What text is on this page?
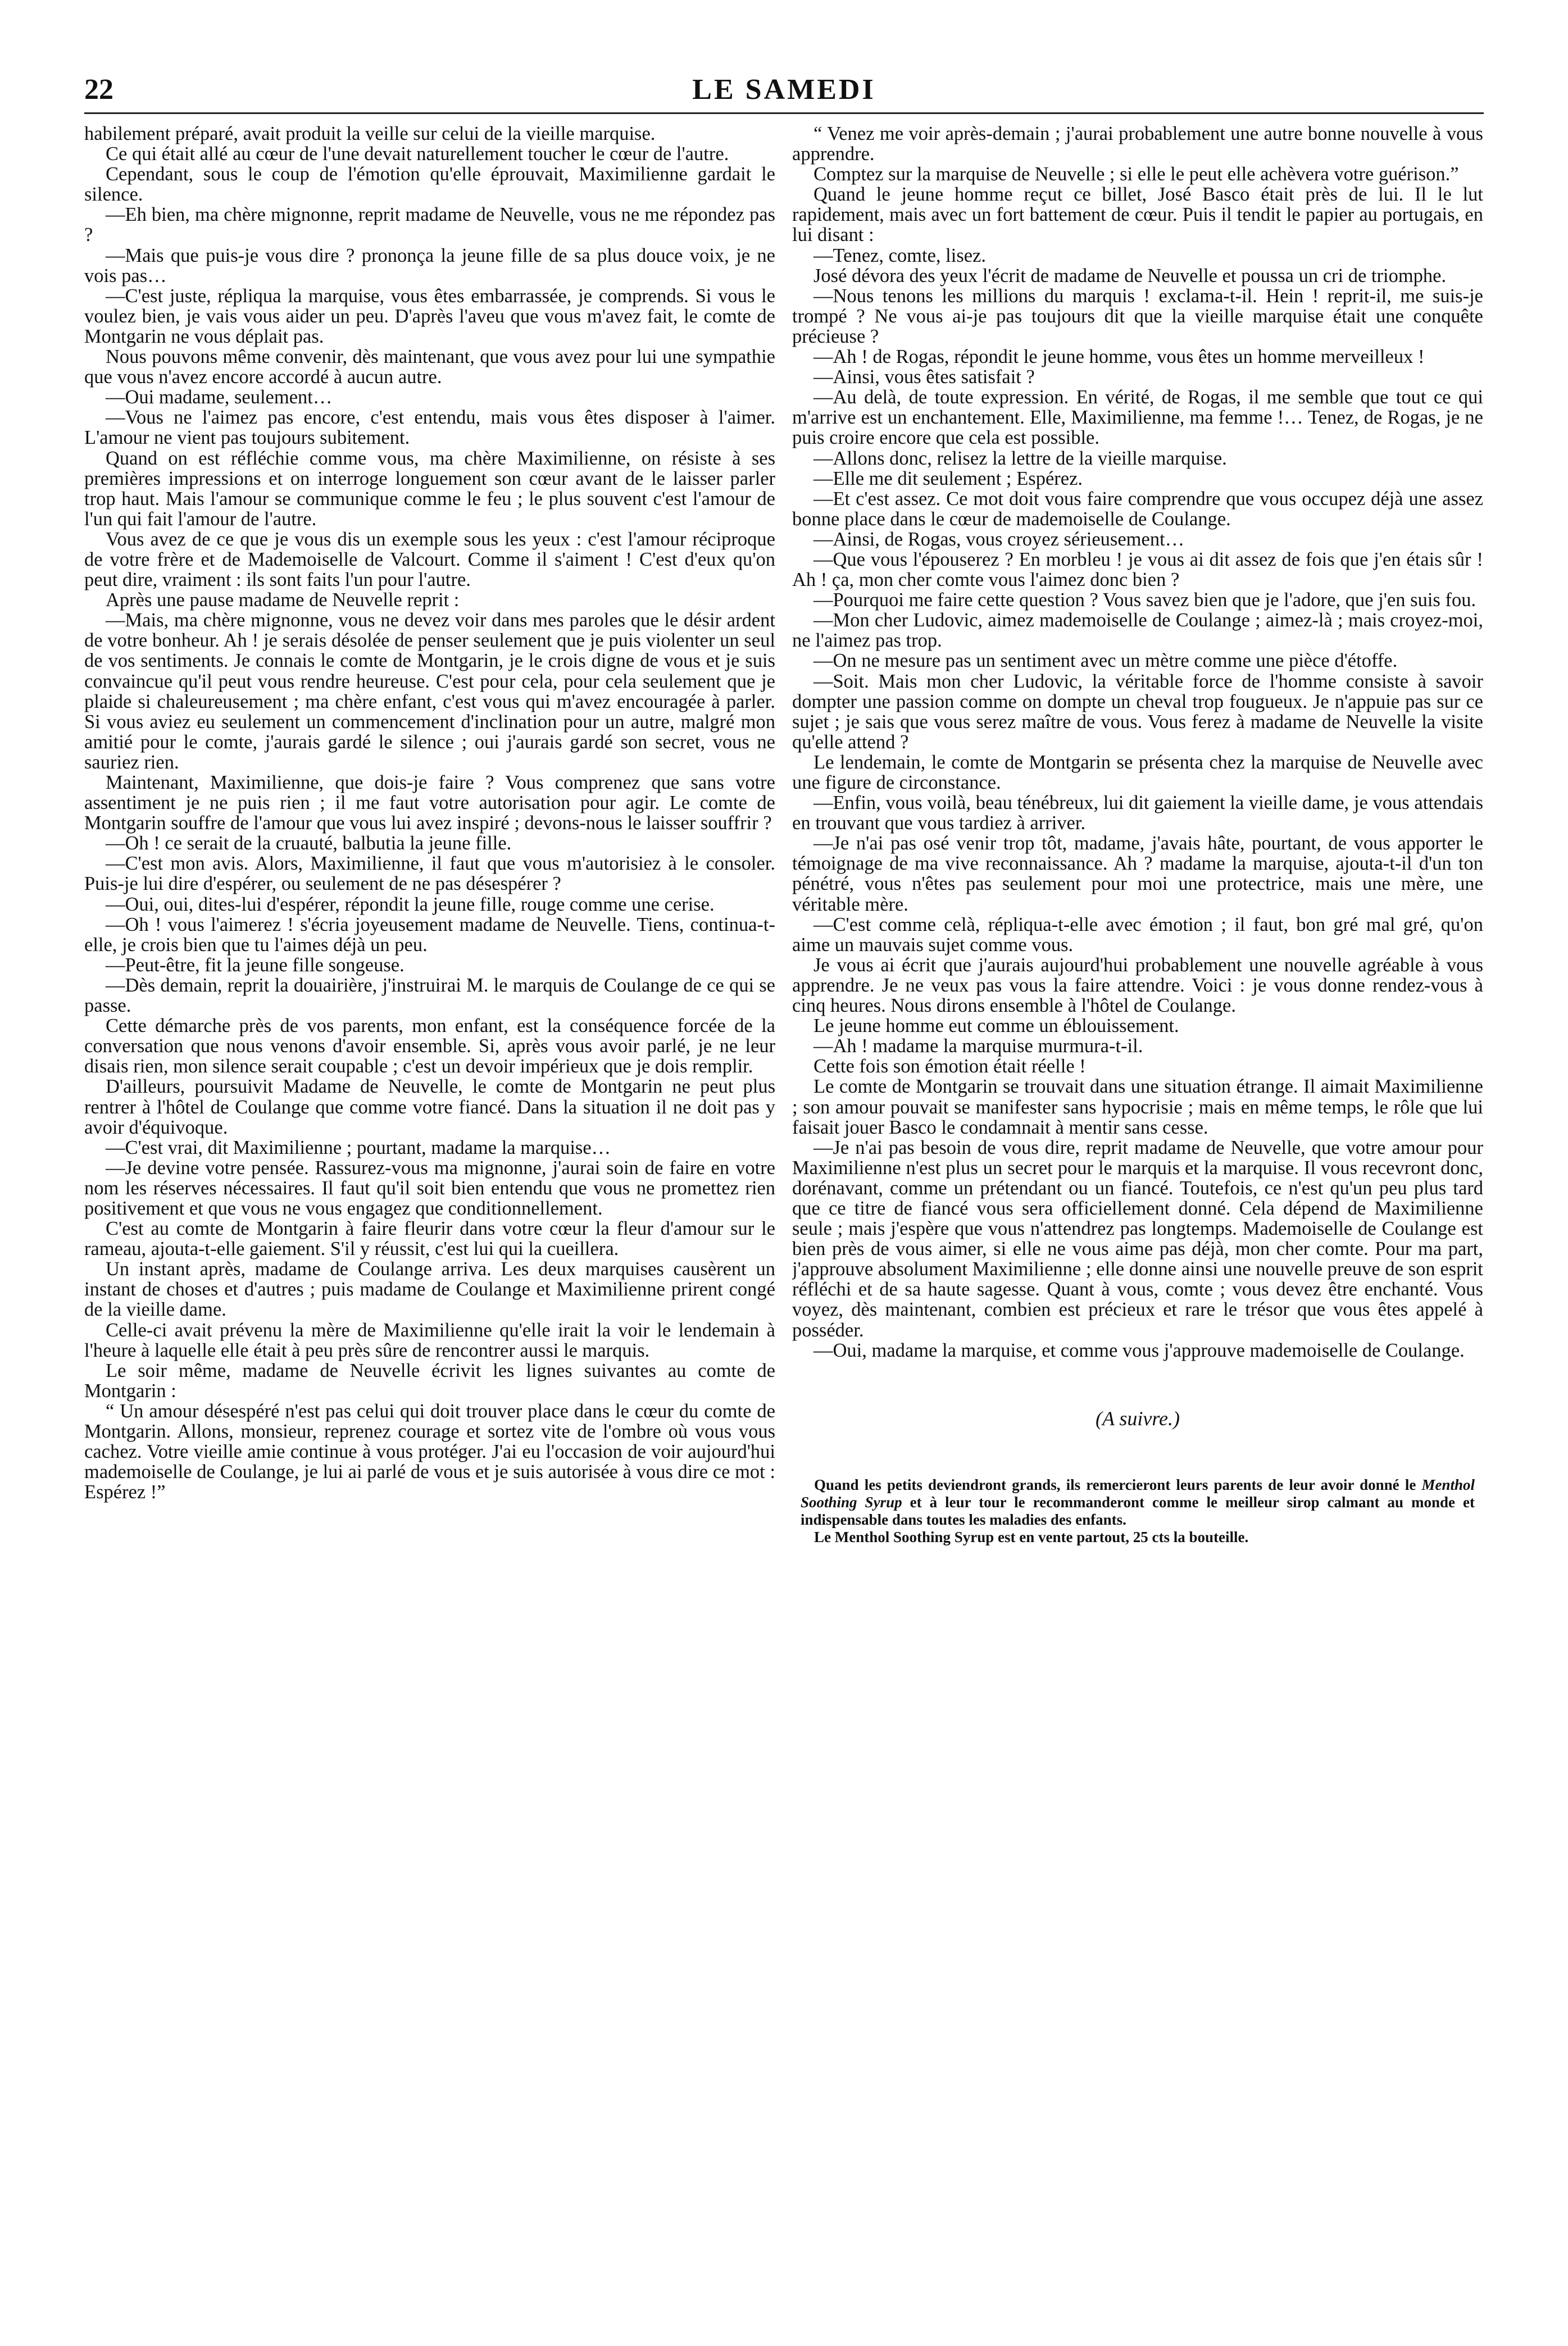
22	LE SAMEDI

habilement préparé, avait produit la veille sur celui de la vieille marquise.

Ce qui était allé au cœur de l'une devait naturellement toucher le cœur de l'autre.

Cependant, sous le coup de l'émotion qu'elle éprouvait, Maximilienne gardait le silence.

—Eh bien, ma chère mignonne, reprit madame de Neuvelle, vous ne me répondez pas ?

—Mais que puis-je vous dire ? prononça la jeune fille de sa plus douce voix, je ne vois pas…

—C'est juste, répliqua la marquise, vous êtes embarrassée, je comprends. Si vous le voulez bien, je vais vous aider un peu. D'après l'aveu que vous m'avez fait, le comte de Montgarin ne vous déplait pas.

Nous pouvons même convenir, dès maintenant, que vous avez pour lui une sympathie que vous n'avez encore accordé à aucun autre.

—Oui madame, seulement…

—Vous ne l'aimez pas encore, c'est entendu, mais vous êtes disposer à l'aimer. L'amour ne vient pas toujours subitement.

Quand on est réfléchie comme vous, ma chère Maximilienne, on résiste à ses premières impressions et on interroge longuement son cœur avant de le laisser parler trop haut. Mais l'amour se communique comme le feu ; le plus souvent c'est l'amour de l'un qui fait l'amour de l'autre.

Vous avez de ce que je vous dis un exemple sous les yeux : c'est l'amour réciproque de votre frère et de Mademoiselle de Valcourt. Comme il s'aiment ! C'est d'eux qu'on peut dire, vraiment : ils sont faits l'un pour l'autre.

Après une pause madame de Neuvelle reprit :

—Mais, ma chère mignonne, vous ne devez voir dans mes paroles que le désir ardent de votre bonheur. Ah ! je serais désolée de penser seulement que je puis violenter un seul de vos sentiments. Je connais le comte de Montgarin, je le crois digne de vous et je suis convaincue qu'il peut vous rendre heureuse. C'est pour cela, pour cela seulement que je plaide si chaleureusement ; ma chère enfant, c'est vous qui m'avez encouragée à parler. Si vous aviez eu seulement un commencement d'inclination pour un autre, malgré mon amitié pour le comte, j'aurais gardé le silence ; oui j'aurais gardé son secret, vous ne sauriez rien.

Maintenant, Maximilienne, que dois-je faire ? Vous comprenez que sans votre assentiment je ne puis rien ; il me faut votre autorisation pour agir. Le comte de Montgarin souffre de l'amour que vous lui avez inspiré ; devons-nous le laisser souffrir ?

—Oh ! ce serait de la cruauté, balbutia la jeune fille.

—C'est mon avis. Alors, Maximilienne, il faut que vous m'autorisiez à le consoler. Puis-je lui dire d'espérer, ou seulement de ne pas désespérer ?

—Oui, oui, dites-lui d'espérer, répondit la jeune fille, rouge comme une cerise.

—Oh ! vous l'aimerez ! s'écria joyeusement madame de Neuvelle. Tiens, continua-t-elle, je crois bien que tu l'aimes déjà un peu.

—Peut-être, fit la jeune fille songeuse.

—Dès demain, reprit la douairière, j'instruirai M. le marquis de Coulange de ce qui se passe.

Cette démarche près de vos parents, mon enfant, est la conséquence forcée de la conversation que nous venons d'avoir ensemble. Si, après vous avoir parlé, je ne leur disais rien, mon silence serait coupable ; c'est un devoir impérieux que je dois remplir.

D'ailleurs, poursuivit Madame de Neuvelle, le comte de Montgarin ne peut plus rentrer à l'hôtel de Coulange que comme votre fiancé. Dans la situation il ne doit pas y avoir d'équivoque.

—C'est vrai, dit Maximilienne ; pourtant, madame la marquise…

—Je devine votre pensée. Rassurez-vous ma mignonne, j'aurai soin de faire en votre nom les réserves nécessaires. Il faut qu'il soit bien entendu que vous ne promettez rien positivement et que vous ne vous engagez que conditionnellement.

C'est au comte de Montgarin à faire fleurir dans votre cœur la fleur d'amour sur le rameau, ajouta-t-elle gaiement. S'il y réussit, c'est lui qui la cueillera.

Un instant après, madame de Coulange arriva. Les deux marquises causèrent un instant de choses et d'autres ; puis madame de Coulange et Maximilienne prirent congé de la vieille dame.

Celle-ci avait prévenu la mère de Maximilienne qu'elle irait la voir le lendemain à l'heure à laquelle elle était à peu près sûre de rencontrer aussi le marquis.

Le soir même, madame de Neuvelle écrivit les lignes suivantes au comte de Montgarin :

“ Un amour désespéré n'est pas celui qui doit trouver place dans le cœur du comte de Montgarin. Allons, monsieur, reprenez courage et sortez vite de l'ombre où vous vous cachez. Votre vieille amie continue à vous protéger. J'ai eu l'occasion de voir aujourd'hui mademoiselle de Coulange, je lui ai parlé de vous et je suis autorisée à vous dire ce mot : Espérez !”

“ Venez me voir après-demain ; j'aurai probablement une autre bonne nouvelle à vous apprendre.

Comptez sur la marquise de Neuvelle ; si elle le peut elle achèvera votre guérison.”

Quand le jeune homme reçut ce billet, José Basco était près de lui. Il le lut rapidement, mais avec un fort battement de cœur. Puis il tendit le papier au portugais, en lui disant :

—Tenez, comte, lisez.

José dévora des yeux l'écrit de madame de Neuvelle et poussa un cri de triomphe.

—Nous tenons les millions du marquis ! exclama-t-il. Hein ! reprit-il, me suis-je trompé ? Ne vous ai-je pas toujours dit que la vieille marquise était une conquête précieuse ?

—Ah ! de Rogas, répondit le jeune homme, vous êtes un homme merveilleux !

—Ainsi, vous êtes satisfait ?

—Au delà, de toute expression. En vérité, de Rogas, il me semble que tout ce qui m'arrive est un enchantement. Elle, Maximilienne, ma femme !… Tenez, de Rogas, je ne puis croire encore que cela est possible.

—Allons donc, relisez la lettre de la vieille marquise.

—Elle me dit seulement ; Espérez.

—Et c'est assez. Ce mot doit vous faire comprendre que vous occupez déjà une assez bonne place dans le cœur de mademoiselle de Coulange.

—Ainsi, de Rogas, vous croyez sérieusement…

—Que vous l'épouserez ? En morbleu ! je vous ai dit assez de fois que j'en étais sûr ! Ah ! ça, mon cher comte vous l'aimez donc bien ?

—Pourquoi me faire cette question ? Vous savez bien que je l'adore, que j'en suis fou.

—Mon cher Ludovic, aimez mademoiselle de Coulange ; aimez-là ; mais croyez-moi, ne l'aimez pas trop.

—On ne mesure pas un sentiment avec un mètre comme une pièce d'étoffe.

—Soit. Mais mon cher Ludovic, la véritable force de l'homme consiste à savoir dompter une passion comme on dompte un cheval trop fougueux. Je n'appuie pas sur ce sujet ; je sais que vous serez maître de vous. Vous ferez à madame de Neuvelle la visite qu'elle attend ?

Le lendemain, le comte de Montgarin se présenta chez la marquise de Neuvelle avec une figure de circonstance.

—Enfin, vous voilà, beau ténébreux, lui dit gaiement la vieille dame, je vous attendais en trouvant que vous tardiez à arriver.

—Je n'ai pas osé venir trop tôt, madame, j'avais hâte, pourtant, de vous apporter le témoignage de ma vive reconnaissance. Ah ? madame la marquise, ajouta-t-il d'un ton pénétré, vous n'êtes pas seulement pour moi une protectrice, mais une mère, une véritable mère.

—C'est comme celà, répliqua-t-elle avec émotion ; il faut, bon gré mal gré, qu'on aime un mauvais sujet comme vous.

Je vous ai écrit que j'aurais aujourd'hui probablement une nouvelle agréable à vous apprendre. Je ne veux pas vous la faire attendre. Voici : je vous donne rendez-vous à cinq heures. Nous dirons ensemble à l'hôtel de Coulange.

Le jeune homme eut comme un éblouissement.

—Ah ! madame la marquise murmura-t-il.

Cette fois son émotion était réelle !

Le comte de Montgarin se trouvait dans une situation étrange. Il aimait Maximilienne ; son amour pouvait se manifester sans hypocrisie ; mais en même temps, le rôle que lui faisait jouer Basco le condamnait à mentir sans cesse.

—Je n'ai pas besoin de vous dire, reprit madame de Neuvelle, que votre amour pour Maximilienne n'est plus un secret pour le marquis et la marquise. Il vous recevront donc, dorénavant, comme un prétendant ou un fiancé. Toutefois, ce n'est qu'un peu plus tard que ce titre de fiancé vous sera officiellement donné. Cela dépend de Maximilienne seule ; mais j'espère que vous n'attendrez pas longtemps. Mademoiselle de Coulange est bien près de vous aimer, si elle ne vous aime pas déjà, mon cher comte. Pour ma part, j'approuve absolument Maximilienne ; elle donne ainsi une nouvelle preuve de son esprit réfléchi et de sa haute sagesse. Quant à vous, comte ; vous devez être enchanté. Vous voyez, dès maintenant, combien est précieux et rare le trésor que vous êtes appelé à posséder.

—Oui, madame la marquise, et comme vous j'approuve mademoiselle de Coulange.

(A suivre.)
Quand les petits deviendront grands, ils remercieront leurs parents de leur avoir donné le Menthol Soothing Syrup et à leur tour le recommanderont comme le meilleur sirop calmant au monde et indispensable dans toutes les maladies des enfants.
Le Menthol Soothing Syrup est en vente partout, 25 cts la bouteille.
